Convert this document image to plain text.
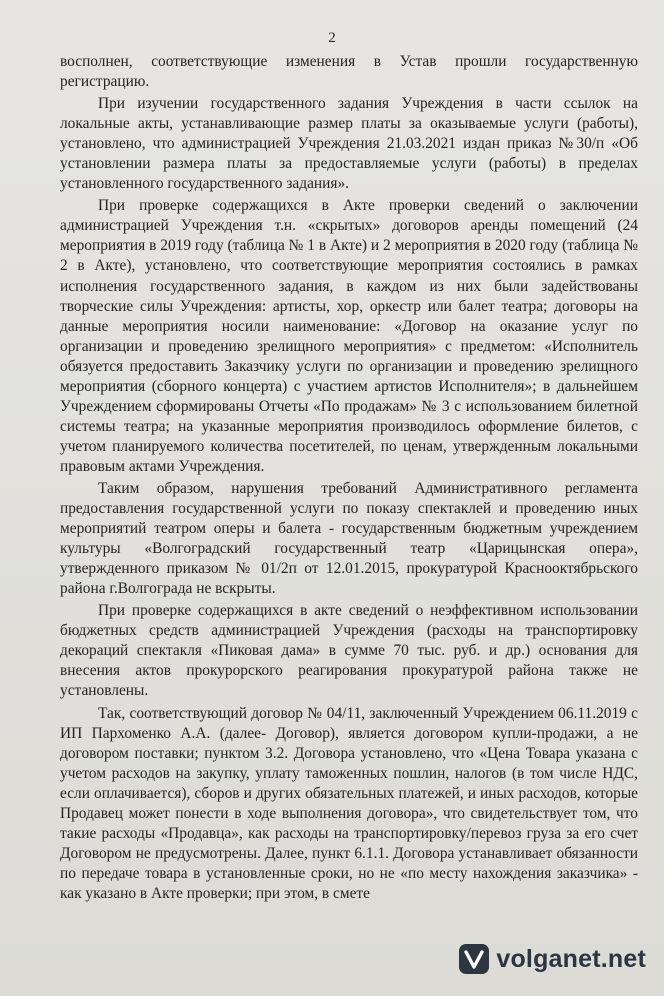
2

восполнен, соответствующие изменения в Устав прошли государственную регистрацию.

При изучении государственного задания Учреждения в части ссылок на локальные акты, устанавливающие размер платы за оказываемые услуги (работы), установлено, что администрацией Учреждения 21.03.2021 издан приказ №30/п «Об установлении размера платы за предоставляемые услуги (работы) в пределах установленного государственного задания».

При проверке содержащихся в Акте проверки сведений о заключении администрацией Учреждения т.н. «скрытых» договоров аренды помещений (24 мероприятия в 2019 году (таблица № 1 в Акте) и 2 мероприятия в 2020 году (таблица № 2 в Акте), установлено, что соответствующие мероприятия состоялись в рамках исполнения государственного задания, в каждом из них были задействованы творческие силы Учреждения: артисты, хор, оркестр или балет театра; договоры на данные мероприятия носили наименование: «Договор на оказание услуг по организации и проведению зрелищного мероприятия» с предметом: «Исполнитель обязуется предоставить Заказчику услуги по организации и проведению зрелищного мероприятия (сборного концерта) с участием артистов Исполнителя»; в дальнейшем Учреждением сформированы Отчеты «По продажам» № 3 с использованием билетной системы театра; на указанные мероприятия производилось оформление билетов, с учетом планируемого количества посетителей, по ценам, утвержденным локальными правовым актами Учреждения.

Таким образом, нарушения требований Административного регламента предоставления государственной услуги по показу спектаклей и проведению иных мероприятий театром оперы и балета - государственным бюджетным учреждением культуры «Волгоградский государственный театр «Царицынская опера», утвержденного приказом № 01/2п от 12.01.2015, прокуратурой Краснооктябрьского района г.Волгограда не вскрыты.

При проверке содержащихся в акте сведений о неэффективном использовании бюджетных средств администрацией Учреждения (расходы на транспортировку декораций спектакля «Пиковая дама» в сумме 70 тыс. руб. и др.) основания для внесения актов прокурорского реагирования прокуратурой района также не установлены.

Так, соответствующий договор № 04/11, заключенный Учреждением 06.11.2019 с ИП Пархоменко А.А. (далее- Договор), является договором купли-продажи, а не договором поставки; пунктом 3.2. Договора установлено, что «Цена Товара указана с учетом расходов на закупку, уплату таможенных пошлин, налогов (в том числе НДС, если оплачивается), сборов и других обязательных платежей, и иных расходов, которые Продавец может понести в ходе выполнения договора», что свидетельствует том, что такие расходы «Продавца», как расходы на транспортировку/перевоз груза за его счет Договором не предусмотрены. Далее, пункт 6.1.1. Договора устанавливает обязанности по передаче товара в установленные сроки, но не «по месту нахождения заказчика» - как указано в Акте проверки; при этом, в смете

volganet.net
